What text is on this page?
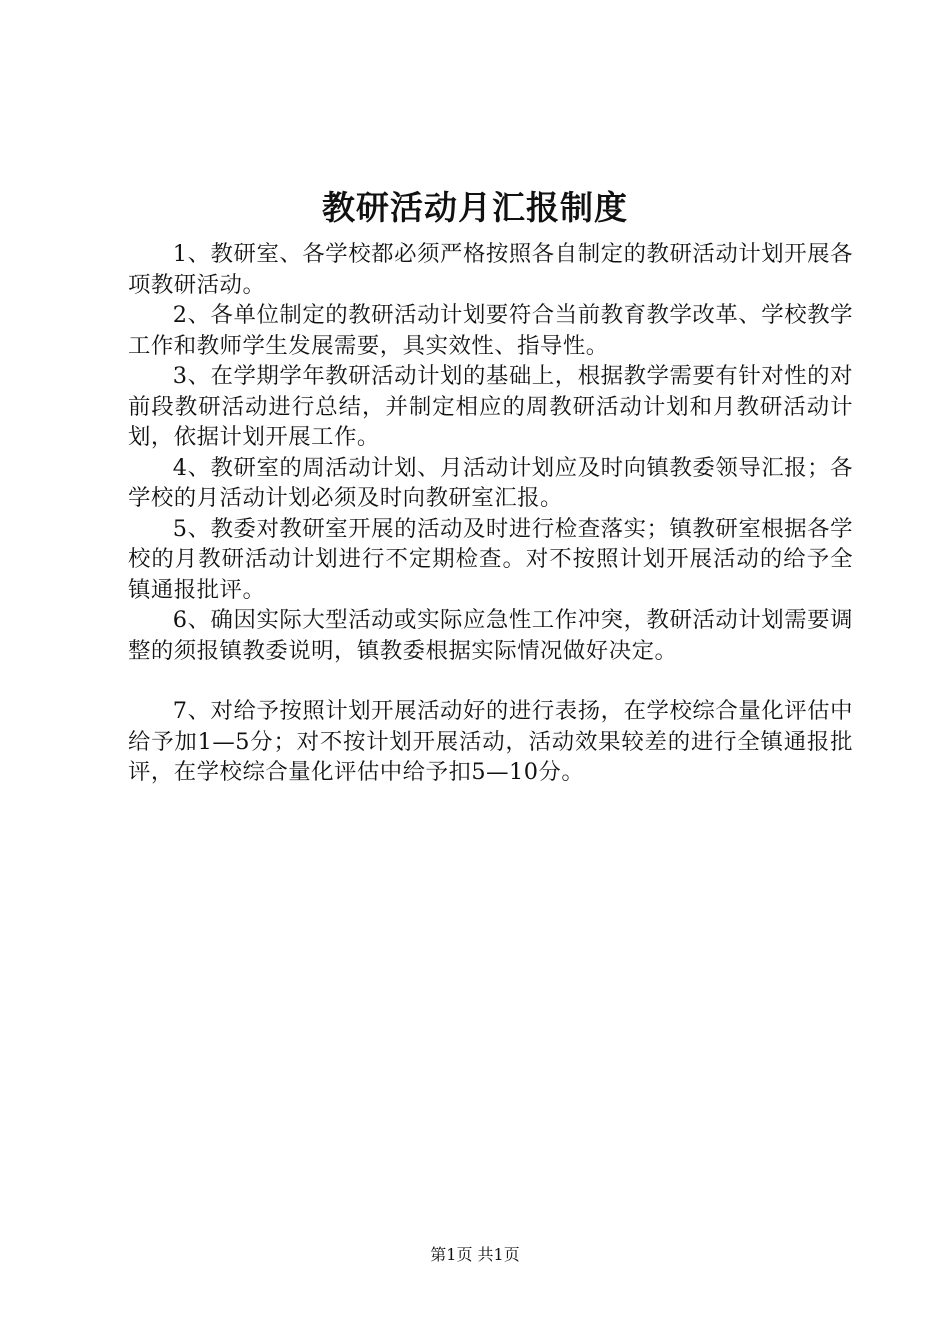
教研活动月汇报制度

1、教研室、各学校都必须严格按照各自制定的教研活动计划开展各项教研活动。

2、各单位制定的教研活动计划要符合当前教育教学改革、学校教学工作和教师学生发展需要，具实效性、指导性。

3、在学期学年教研活动计划的基础上，根据教学需要有针对性的对前段教研活动进行总结，并制定相应的周教研活动计划和月教研活动计划，依据计划开展工作。

4、教研室的周活动计划、月活动计划应及时向镇教委领导汇报；各学校的月活动计划必须及时向教研室汇报。

5、教委对教研室开展的活动及时进行检查落实；镇教研室根据各学校的月教研活动计划进行不定期检查。对不按照计划开展活动的给予全镇通报批评。

6、确因实际大型活动或实际应急性工作冲突，教研活动计划需要调整的须报镇教委说明，镇教委根据实际情况做好决定。

7、对给予按照计划开展活动好的进行表扬，在学校综合量化评估中给予加1—5分；对不按计划开展活动，活动效果较差的进行全镇通报批评，在学校综合量化评估中给予扣5—10分。

第1页 共1页
